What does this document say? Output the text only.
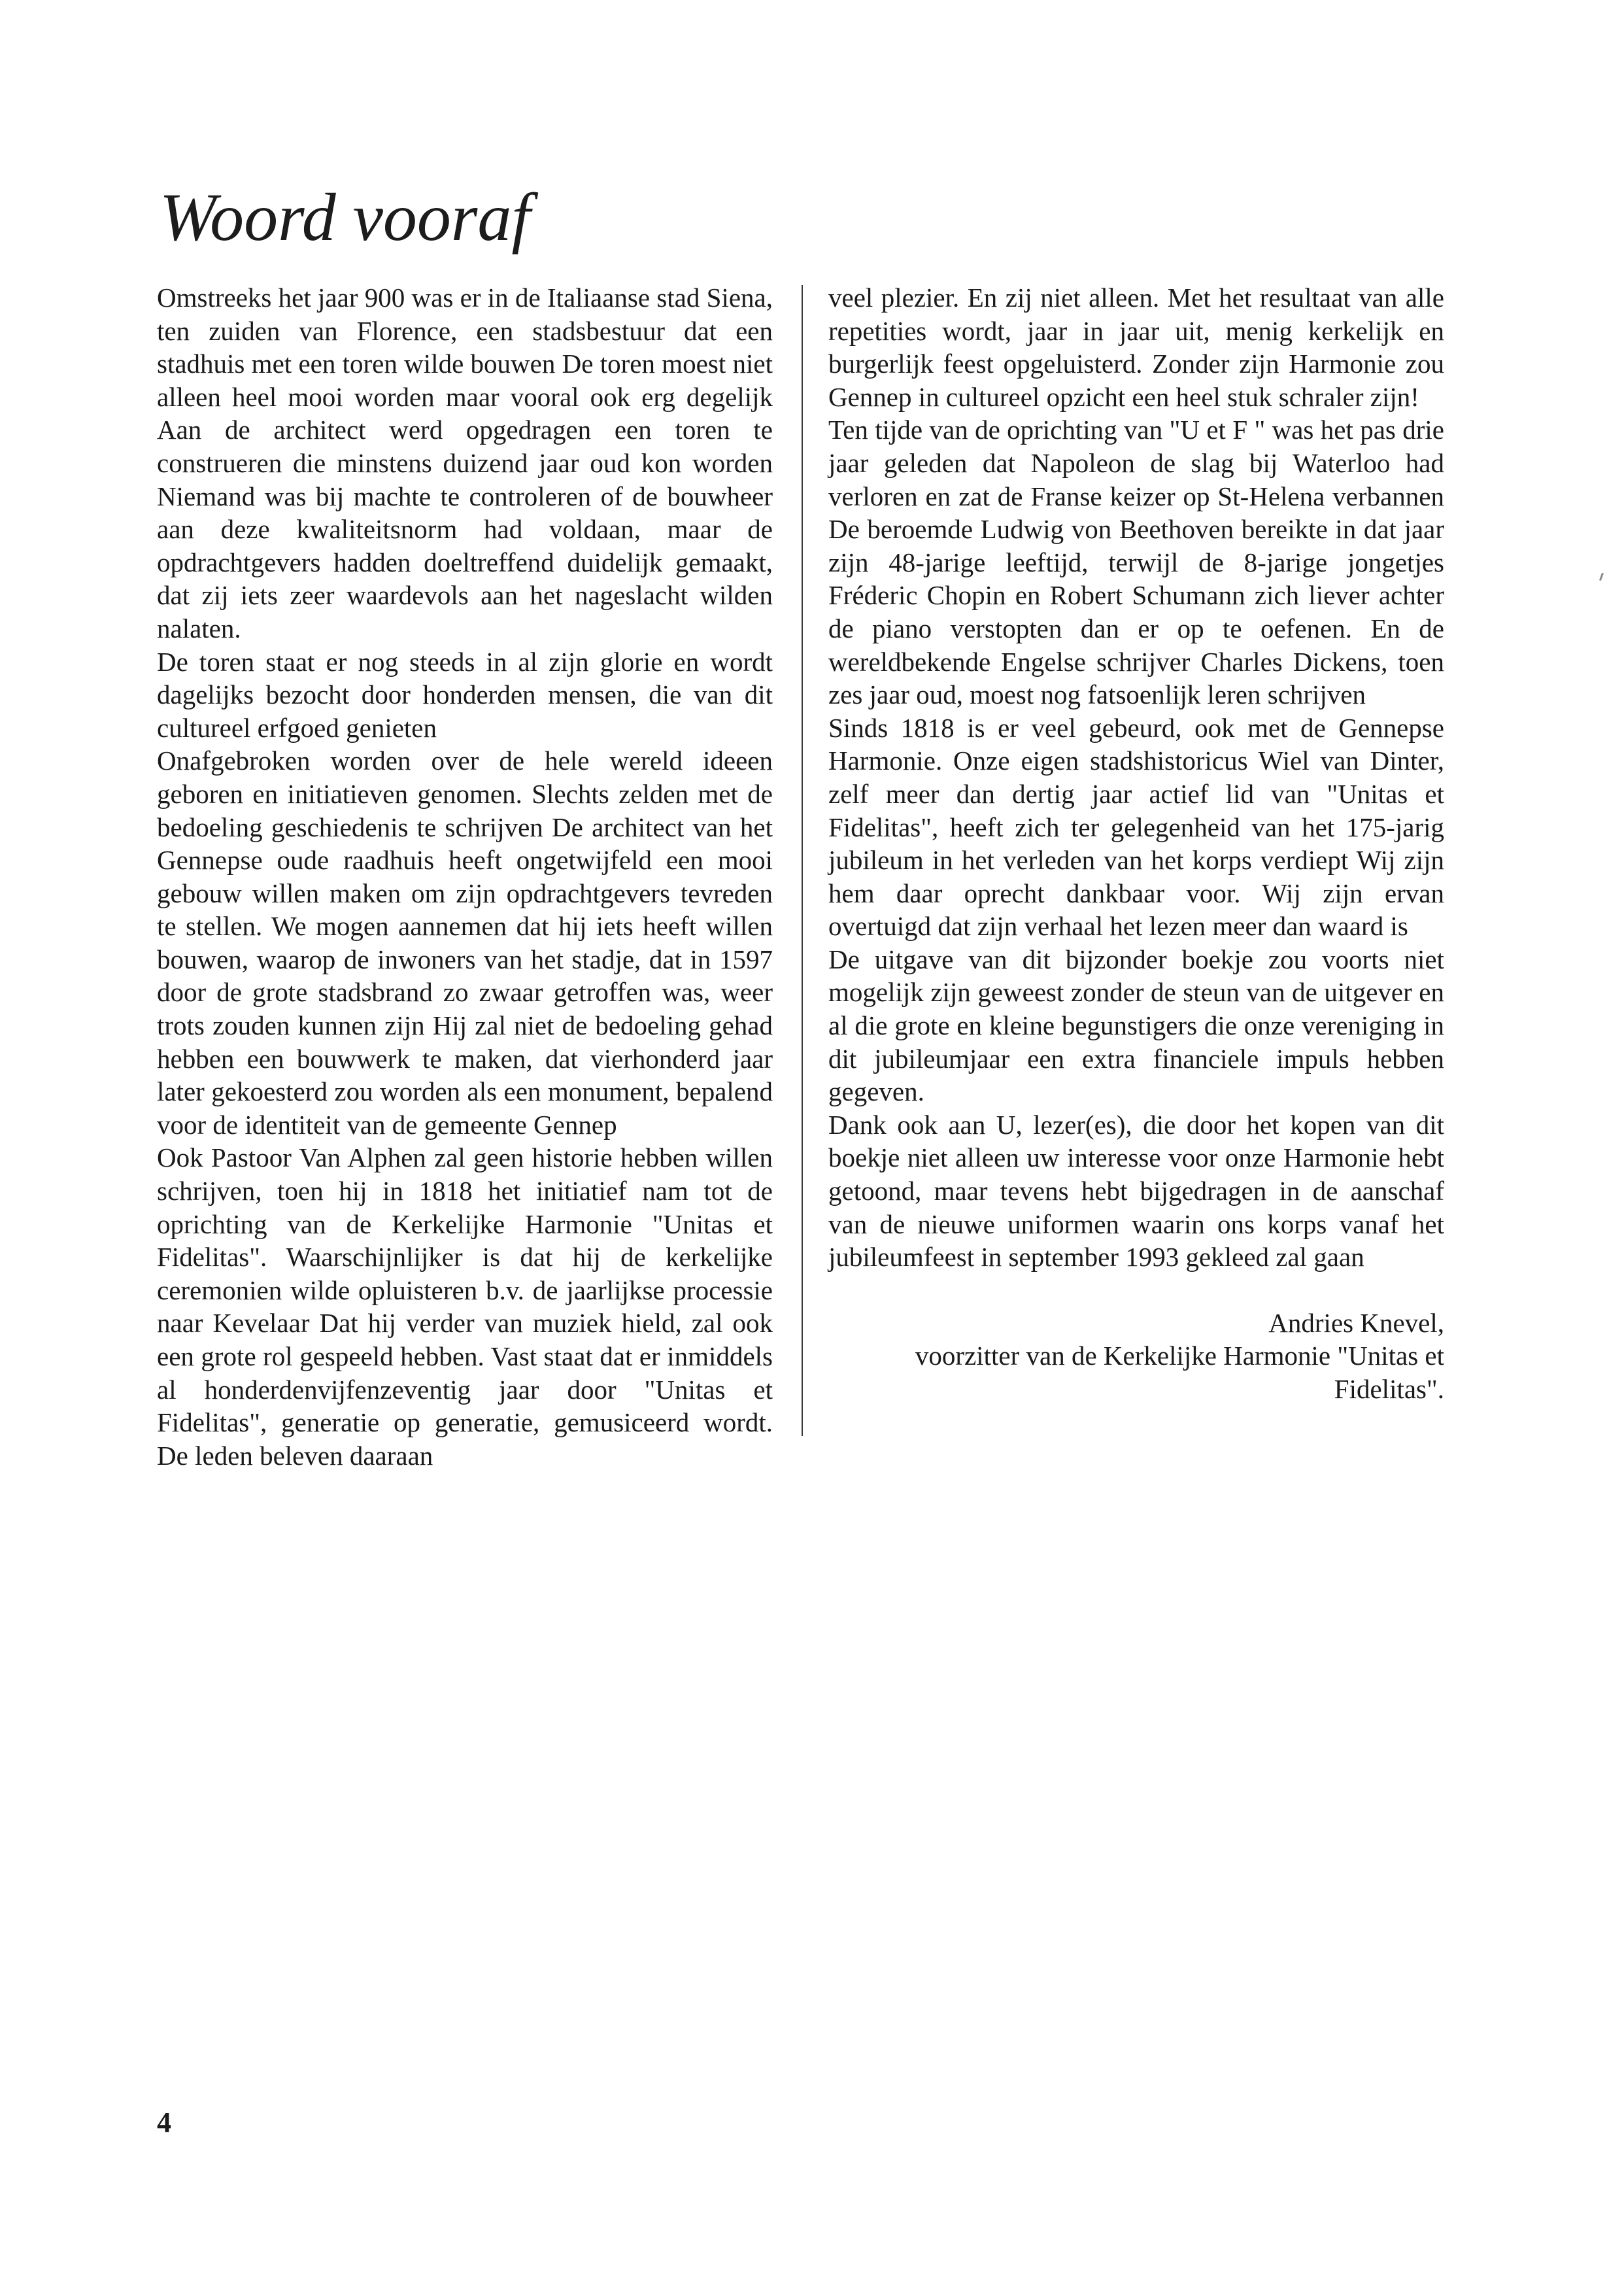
Woord vooraf

Omstreeks het jaar 900 was er in de Italiaanse stad Siena, ten zuiden van Florence, een stadsbestuur dat een stadhuis met een toren wilde bouwen De toren moest niet alleen heel mooi worden maar vooral ook erg degelijk Aan de architect werd opgedragen een toren te construeren die minstens duizend jaar oud kon worden Niemand was bij machte te controleren of de bouwheer aan deze kwaliteitsnorm had voldaan, maar de opdrachtgevers hadden doeltreffend duidelijk gemaakt, dat zij iets zeer waardevols aan het nageslacht wilden nalaten.

De toren staat er nog steeds in al zijn glorie en wordt dagelijks bezocht door honderden mensen, die van dit cultureel erfgoed genieten

Onafgebroken worden over de hele wereld ideeen geboren en initiatieven genomen. Slechts zelden met de bedoeling geschiedenis te schrijven De architect van het Gennepse oude raadhuis heeft ongetwijfeld een mooi gebouw willen maken om zijn opdrachtgevers tevreden te stellen. We mogen aannemen dat hij iets heeft willen bouwen, waarop de inwoners van het stadje, dat in 1597 door de grote stadsbrand zo zwaar getroffen was, weer trots zouden kunnen zijn Hij zal niet de bedoeling gehad hebben een bouwwerk te maken, dat vierhonderd jaar later gekoesterd zou worden als een monument, bepalend voor de identiteit van de gemeente Gennep

Ook Pastoor Van Alphen zal geen historie hebben willen schrijven, toen hij in 1818 het initiatief nam tot de oprichting van de Kerkelijke Harmonie "Unitas et Fidelitas". Waarschijnlijker is dat hij de kerkelijke ceremonien wilde opluisteren b.v. de jaarlijkse processie naar Kevelaar Dat hij verder van muziek hield, zal ook een grote rol gespeeld hebben. Vast staat dat er inmiddels al honderdenvijfenzeventig jaar door "Unitas et Fidelitas", generatie op generatie, gemusiceerd wordt. De leden beleven daaraan

veel plezier. En zij niet alleen. Met het resultaat van alle repetities wordt, jaar in jaar uit, menig kerkelijk en burgerlijk feest opgeluisterd. Zonder zijn Harmonie zou Gennep in cultureel opzicht een heel stuk schraler zijn!

Ten tijde van de oprichting van "U et F " was het pas drie jaar geleden dat Napoleon de slag bij Waterloo had verloren en zat de Franse keizer op St-Helena verbannen De beroemde Ludwig von Beethoven bereikte in dat jaar zijn 48-jarige leeftijd, terwijl de 8-jarige jongetjes Fréderic Chopin en Robert Schumann zich liever achter de piano verstopten dan er op te oefenen. En de wereldbekende Engelse schrijver Charles Dickens, toen zes jaar oud, moest nog fatsoenlijk leren schrijven

Sinds 1818 is er veel gebeurd, ook met de Gennepse Harmonie. Onze eigen stadshistoricus Wiel van Dinter, zelf meer dan dertig jaar actief lid van "Unitas et Fidelitas", heeft zich ter gelegenheid van het 175-jarig jubileum in het verleden van het korps verdiept Wij zijn hem daar oprecht dankbaar voor. Wij zijn ervan overtuigd dat zijn verhaal het lezen meer dan waard is

De uitgave van dit bijzonder boekje zou voorts niet mogelijk zijn geweest zonder de steun van de uitgever en al die grote en kleine begunstigers die onze vereniging in dit jubileumjaar een extra financiele impuls hebben gegeven.

Dank ook aan U, lezer(es), die door het kopen van dit boekje niet alleen uw interesse voor onze Harmonie hebt getoond, maar tevens hebt bijgedragen in de aanschaf van de nieuwe uniformen waarin ons korps vanaf het jubileumfeest in september 1993 gekleed zal gaan

Andries Knevel,
voorzitter van de Kerkelijke Harmonie "Unitas et Fidelitas".
4
